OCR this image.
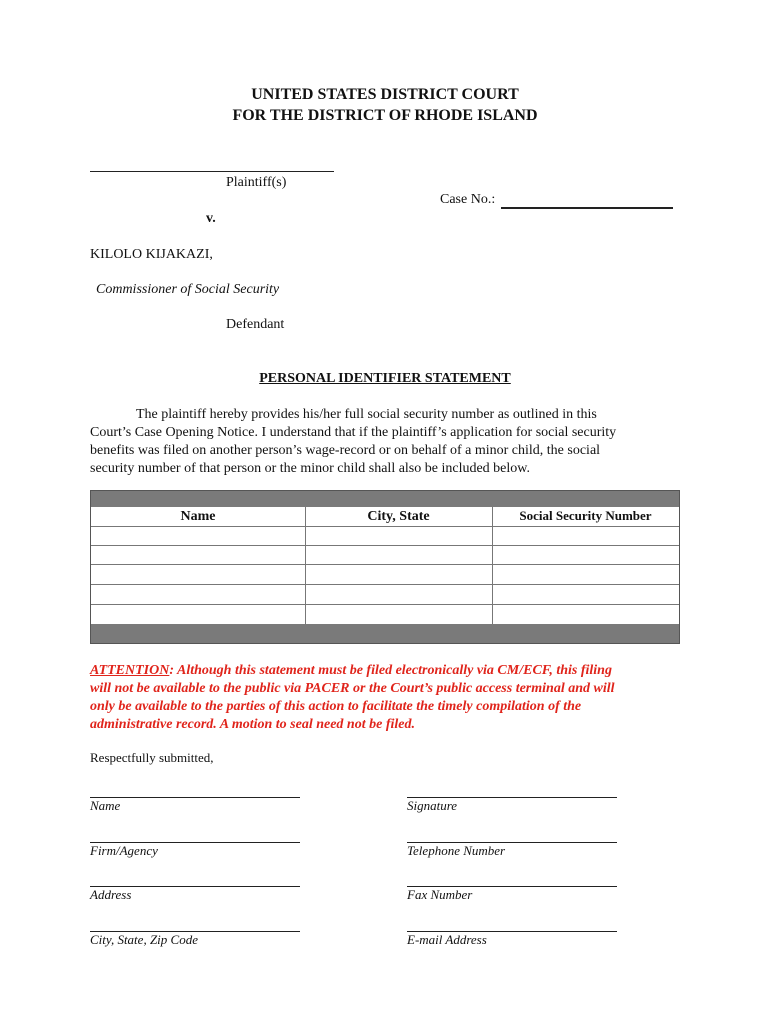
UNITED STATES DISTRICT COURT
FOR THE DISTRICT OF RHODE ISLAND
Plaintiff(s)
Case No.:
v.
KILOLO KIJAKAZI,
Commissioner of Social Security
Defendant
PERSONAL IDENTIFIER STATEMENT
The plaintiff hereby provides his/her full social security number as outlined in this
Court’s Case Opening Notice. I understand that if the plaintiff’s application for social security
benefits was filed on another person’s wage-record or on behalf of a minor child, the social
security number of that person or the minor child shall also be included below.
Name	City, State	Social Security Number
ATTENTION: Although this statement must be filed electronically via CM/ECF, this filing
will not be available to the public via PACER or the Court’s public access terminal and will
only be available to the parties of this action to facilitate the timely compilation of the
administrative record. A motion to seal need not be filed.
Respectfully submitted,
Name	Signature
Firm/Agency	Telephone Number
Address	Fax Number
City, State, Zip Code	E-mail Address
